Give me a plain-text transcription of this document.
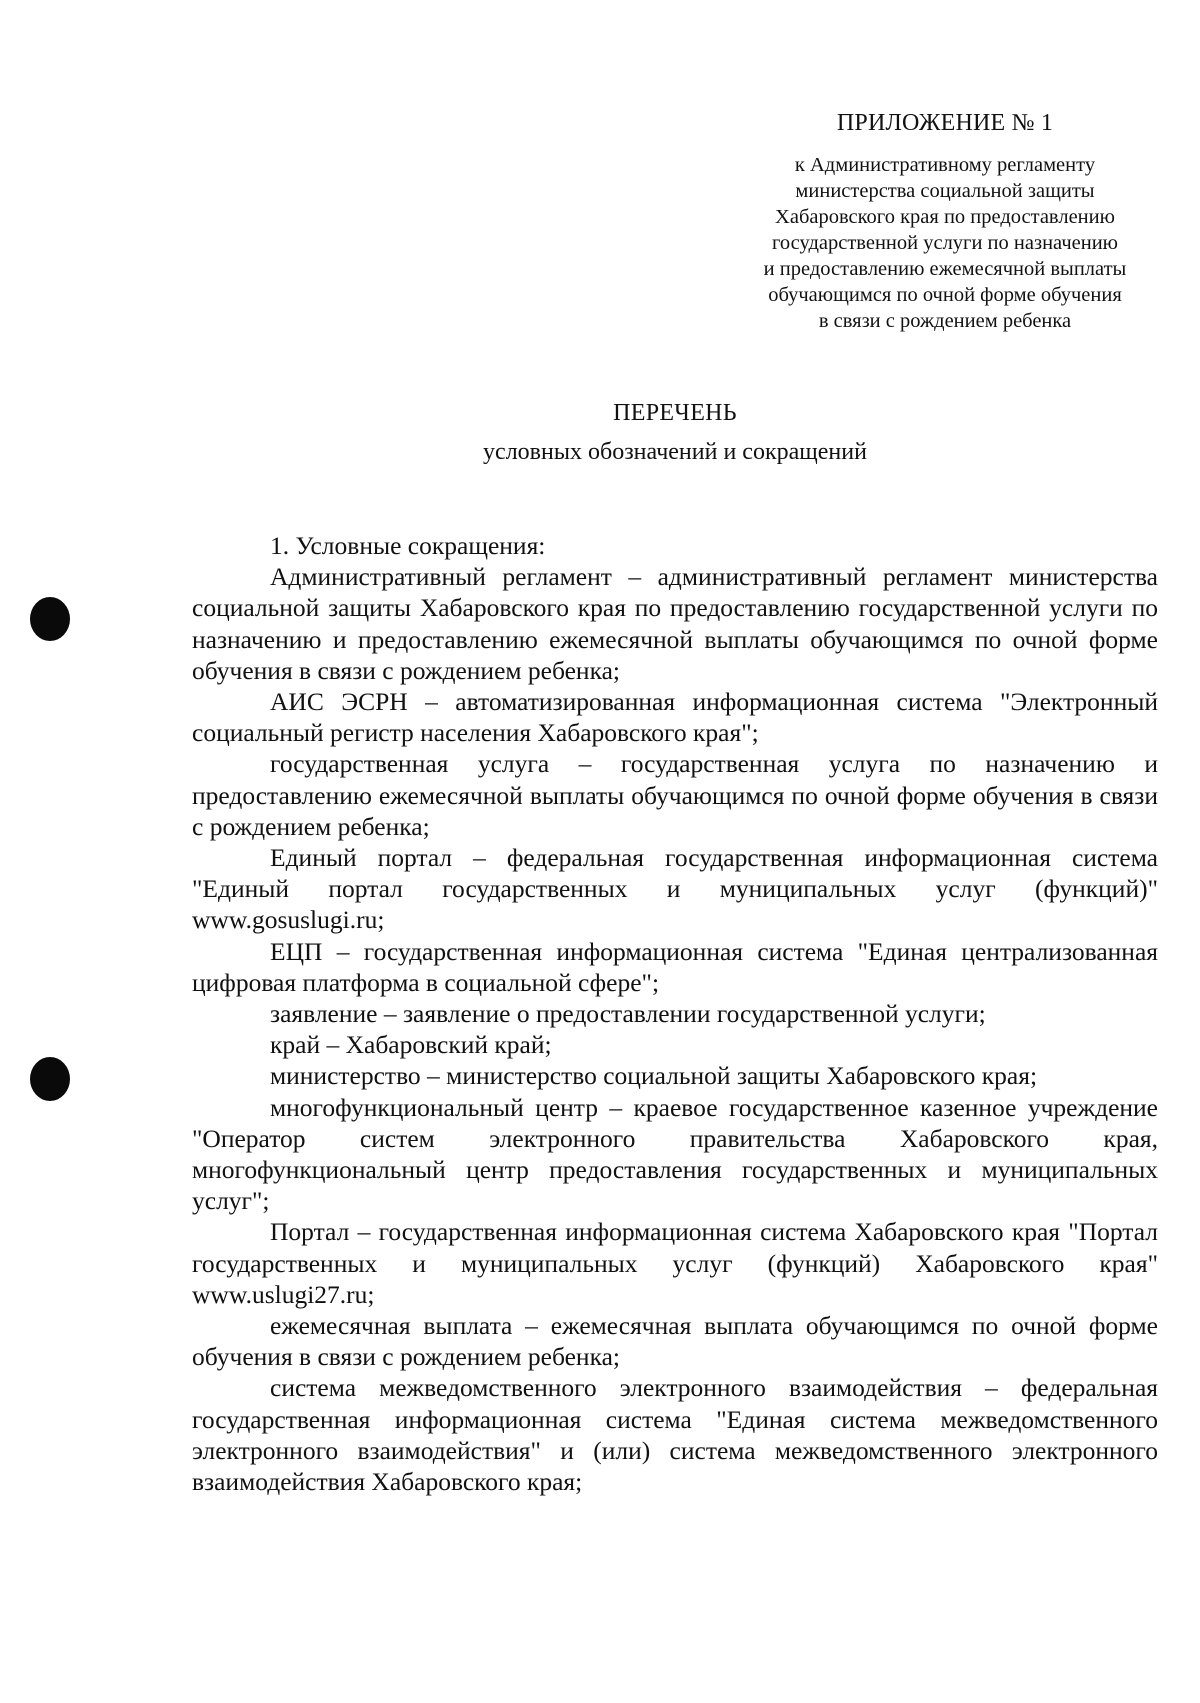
ПРИЛОЖЕНИЕ № 1
к Административному регламенту
министерства социальной защиты
Хабаровского края по предоставлению
государственной услуги по назначению
и предоставлению ежемесячной выплаты
обучающимся по очной форме обучения
в связи с рождением ребенка
ПЕРЕЧЕНЬ
условных обозначений и сокращений

1. Условные сокращения:

Административный регламент – административный регламент министерства социальной защиты Хабаровского края по предоставлению государственной услуги по назначению и предоставлению ежемесячной выплаты обучающимся по очной форме обучения в связи с рождением ребенка;

АИС ЭСРН – автоматизированная информационная система "Электронный социальный регистр населения Хабаровского края";

государственная услуга – государственная услуга по назначению и предоставлению ежемесячной выплаты обучающимся по очной форме обучения в связи с рождением ребенка;

Единый портал – федеральная государственная информационная система "Единый портал государственных и муниципальных услуг (функций)" www.gosuslugi.ru;

ЕЦП – государственная информационная система "Единая централизованная цифровая платформа в социальной сфере";

заявление – заявление о предоставлении государственной услуги;

край – Хабаровский край;

министерство – министерство социальной защиты Хабаровского края;

многофункциональный центр – краевое государственное казенное учреждение "Оператор систем электронного правительства Хабаровского края, многофункциональный центр предоставления государственных и муниципальных услуг";

Портал – государственная информационная система Хабаровского края "Портал государственных и муниципальных услуг (функций) Хабаровского края" www.uslugi27.ru;

ежемесячная выплата – ежемесячная выплата обучающимся по очной форме обучения в связи с рождением ребенка;

система межведомственного электронного взаимодействия – федеральная государственная информационная система "Единая система межведомственного электронного взаимодействия" и (или) система межведомственного электронного взаимодействия Хабаровского края;
